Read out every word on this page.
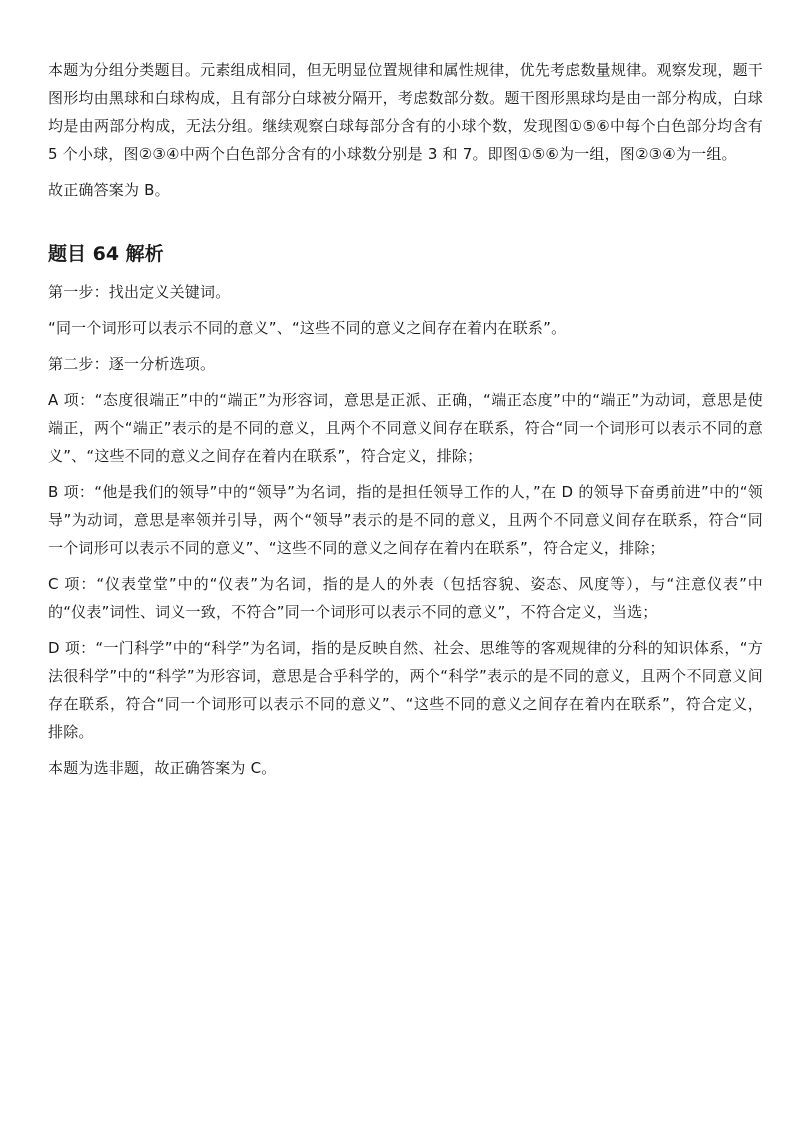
本题为分组分类题目。元素组成相同，但无明显位置规律和属性规律，优先考虑数量规律。观察发现，题干图形均由黑球和白球构成，且有部分白球被分隔开，考虑数部分数。题干图形黑球均是由一部分构成，白球均是由两部分构成，无法分组。继续观察白球每部分含有的小球个数，发现图①⑤⑥中每个白色部分均含有 5 个小球，图②③④中两个白色部分含有的小球数分别是 3 和 7。即图①⑤⑥为一组，图②③④为一组。

故正确答案为 B。

题目 64 解析

第一步：找出定义关键词。

“同一个词形可以表示不同的意义”、“这些不同的意义之间存在着内在联系”。

第二步：逐一分析选项。

A 项：“态度很端正”中的“端正”为形容词，意思是正派、正确，“端正态度”中的“端正”为动词，意思是使端正，两个“端正”表示的是不同的意义，且两个不同意义间存在联系，符合“同一个词形可以表示不同的意义”、“这些不同的意义之间存在着内在联系”，符合定义，排除；

B 项：“他是我们的领导”中的“领导”为名词，指的是担任领导工作的人，”在 D 的领导下奋勇前进”中的“领导”为动词，意思是率领并引导，两个“领导”表示的是不同的意义，且两个不同意义间存在联系，符合“同一个词形可以表示不同的意义”、“这些不同的意义之间存在着内在联系”，符合定义，排除；

C 项：“仪表堂堂”中的“仪表”为名词，指的是人的外表（包括容貌、姿态、风度等），与“注意仪表”中的“仪表”词性、词义一致，不符合”同一个词形可以表示不同的意义”，不符合定义，当选；

D 项：“一门科学”中的“科学”为名词，指的是反映自然、社会、思维等的客观规律的分科的知识体系，“方法很科学”中的“科学”为形容词，意思是合乎科学的，两个“科学”表示的是不同的意义，且两个不同意义间存在联系，符合“同一个词形可以表示不同的意义”、“这些不同的意义之间存在着内在联系”，符合定义，排除。

本题为选非题，故正确答案为 C。
